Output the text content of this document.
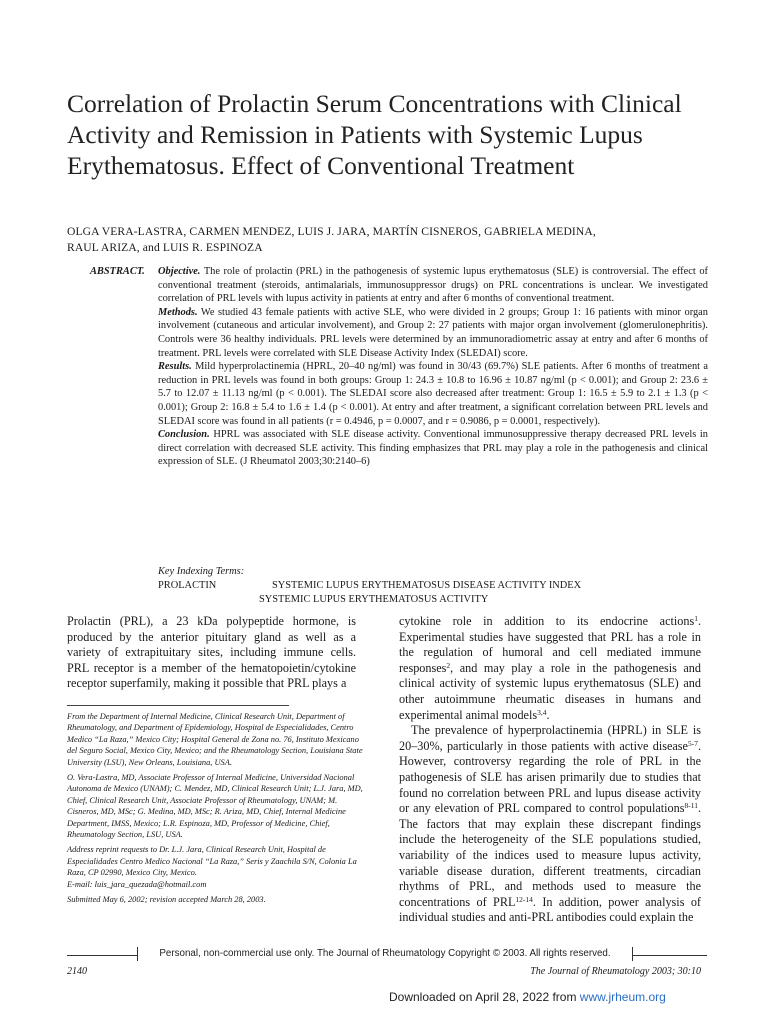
Correlation of Prolactin Serum Concentrations with Clinical Activity and Remission in Patients with Systemic Lupus Erythematosus. Effect of Conventional Treatment
OLGA VERA-LASTRA, CARMEN MENDEZ, LUIS J. JARA, MARTÍN CISNEROS, GABRIELA MEDINA,
RAUL ARIZA, and LUIS R. ESPINOZA
ABSTRACT.	Objective. The role of prolactin (PRL) in the pathogenesis of systemic lupus erythematosus (SLE) is controversial. The effect of conventional treatment (steroids, antimalarials, immunosuppressor drugs) on PRL concentrations is unclear. We investigated correlation of PRL levels with lupus activity in patients at entry and after 6 months of conventional treatment.

Methods. We studied 43 female patients with active SLE, who were divided in 2 groups; Group 1: 16 patients with minor organ involvement (cutaneous and articular involvement), and Group 2: 27 patients with major organ involvement (glomerulonephritis). Controls were 36 healthy individuals. PRL levels were determined by an immunoradiometric assay at entry and after 6 months of treatment. PRL levels were correlated with SLE Disease Activity Index (SLEDAI) score.

Results. Mild hyperprolactinemia (HPRL, 20–40 ng/ml) was found in 30/43 (69.7%) SLE patients. After 6 months of treatment a reduction in PRL levels was found in both groups: Group 1: 24.3 ± 10.8 to 16.96 ± 10.87 ng/ml (p < 0.001); and Group 2: 23.6 ± 5.7 to 12.07 ± 11.13 ng/ml (p < 0.001). The SLEDAI score also decreased after treatment: Group 1: 16.5 ± 5.9 to 2.1 ± 1.3 (p < 0.001); Group 2: 16.8 ± 5.4 to 1.6 ± 1.4 (p < 0.001). At entry and after treatment, a significant correlation between PRL levels and SLEDAI score was found in all patients (r = 0.4946, p = 0.0007, and r = 0.9086, p = 0.0001, respectively).

Conclusion. HPRL was associated with SLE disease activity. Conventional immunosuppressive therapy decreased PRL levels in direct correlation with decreased SLE activity. This finding emphasizes that PRL may play a role in the pathogenesis and clinical expression of SLE. (J Rheumatol 2003;30:2140–6)

Key Indexing Terms:
PROLACTIN	SYSTEMIC LUPUS ERYTHEMATOSUS DISEASE ACTIVITY INDEX
SYSTEMIC LUPUS ERYTHEMATOSUS ACTIVITY

Prolactin (PRL), a 23 kDa polypeptide hormone, is produced by the anterior pituitary gland as well as a variety of extrapituitary sites, including immune cells. PRL receptor is a member of the hematopoietin/cytokine receptor superfamily, making it possible that PRL plays a

From the Department of Internal Medicine, Clinical Research Unit, Department of Rheumatology, and Department of Epidemiology, Hospital de Especialidades, Centro Medico “La Raza,” Mexico City; Hospital General de Zona no. 76, Instituto Mexicano del Seguro Social, Mexico City, Mexico; and the Rheumatology Section, Louisiana State University (LSU), New Orleans, Louisiana, USA.

O. Vera-Lastra, MD, Associate Professor of Internal Medicine, Universidad Nacional Autonoma de Mexico (UNAM); C. Mendez, MD, Clinical Research Unit; L.J. Jara, MD, Chief, Clinical Research Unit, Associate Professor of Rheumatology, UNAM; M. Cisneros, MD, MSc; G. Medina, MD, MSc; R. Ariza, MD, Chief, Internal Medicine Department, IMSS, Mexico; L.R. Espinoza, MD, Professor of Medicine, Chief, Rheumatology Section, LSU, USA.

Address reprint requests to Dr. L.J. Jara, Clinical Research Unit, Hospital de Especialidades Centro Medico Nacional “La Raza,” Seris y Zaachila S/N, Colonia La Raza, CP 02990, Mexico City, Mexico.
E-mail: luis_jara_quezada@hotmail.com

Submitted May 6, 2002; revision accepted March 28, 2003.

cytokine role in addition to its endocrine actions$^1$. Experimental studies have suggested that PRL has a role in the regulation of humoral and cell mediated immune responses$^2$, and may play a role in the pathogenesis and clinical activity of systemic lupus erythematosus (SLE) and other autoimmune rheumatic diseases in humans and experimental animal models$^{3,4}$.

The prevalence of hyperprolactinemia (HPRL) in SLE is 20–30%, particularly in those patients with active disease$^{5-7}$. However, controversy regarding the role of PRL in the pathogenesis of SLE has arisen primarily due to studies that found no correlation between PRL and lupus disease activity or any elevation of PRL compared to control populations$^{8-11}$. The factors that may explain these discrepant findings include the heterogeneity of the SLE populations studied, variability of the indices used to measure lupus activity, variable disease duration, different treatments, circadian rhythms of PRL, and methods used to measure the concentrations of PRL$^{12-14}$. In addition, power analysis of individual studies and anti-PRL antibodies could explain the

Personal, non-commercial use only. The Journal of Rheumatology Copyright © 2003. All rights reserved.
2140	The Journal of Rheumatology 2003; 30:10
Downloaded on April 28, 2022 from www.jrheum.org
